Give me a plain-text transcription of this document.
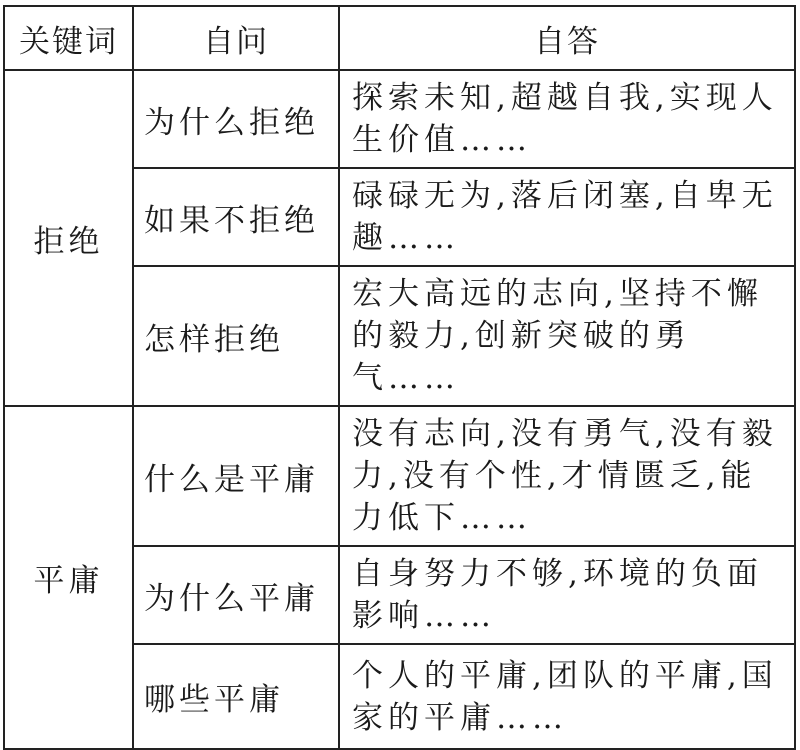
关键词	自问	自答
拒绝	为什么拒绝	探索未知,超越自我,实现人生价值……
	如果不拒绝	碌碌无为,落后闭塞,自卑无趣……
	怎样拒绝	宏大高远的志向,坚持不懈的毅力,创新突破的勇气……
平庸	什么是平庸	没有志向,没有勇气,没有毅力,没有个性,才情匮乏,能力低下……
	为什么平庸	自身努力不够,环境的负面影响……
	哪些平庸	个人的平庸,团队的平庸,国家的平庸……
